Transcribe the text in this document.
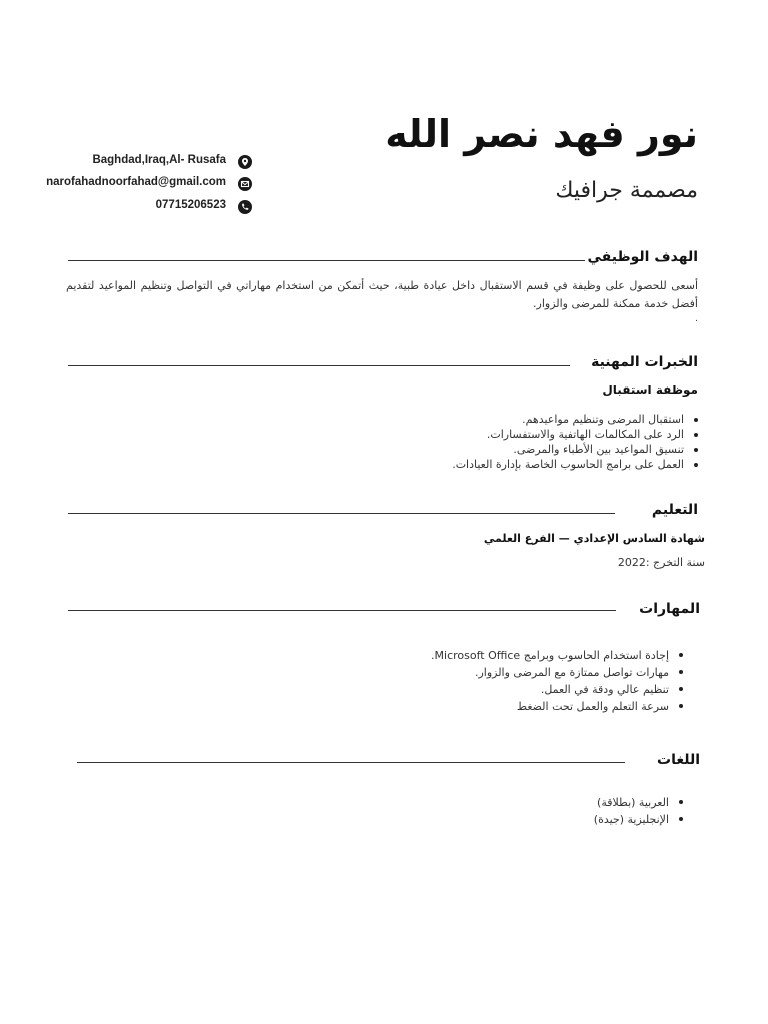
نور فهد نصر الله
مصممة جرافيك
Baghdad,Iraq,Al- Rusafa
narofahadnoorfahad@gmail.com
07715206523
الهدف الوظيفي
أسعى للحصول على وظيفة في قسم الاستقبال داخل عيادة طبية، حيث أتمكن من استخدام مهاراتي في التواصل وتنظيم المواعيد لتقديم أفضل خدمة ممكنة للمرضى والزوار.
.
الخبرات المهنية
موظفة استقبال
استقبال المرضى وتنظيم مواعيدهم.
الرد على المكالمات الهاتفية والاستفسارات.
تنسيق المواعيد بين الأطباء والمرضى.
العمل على برامج الحاسوب الخاصة بإدارة العيادات.
التعليم
شهادة السادس الإعدادي — الفرع العلمي
سنة التخرج :2022
المهارات
إجادة استخدام الحاسوب وبرامج Microsoft Office.
مهارات تواصل ممتازة مع المرضى والزوار.
تنظيم عالي ودقة في العمل.
سرعة التعلم والعمل تحت الضغط
اللغات
العربية (بطلاقة)
الإنجليزية (جيدة)
